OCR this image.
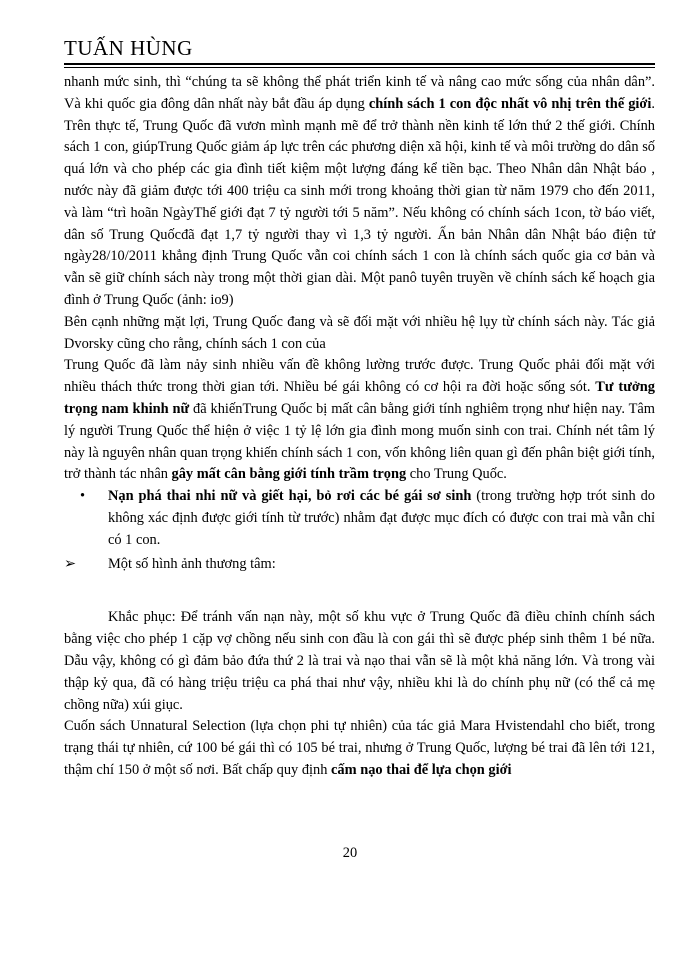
TUẤN HÙNG

nhanh mức sinh, thì “chúng ta sẽ không thể phát triển kinh tế và nâng cao mức sống của nhân dân”. Và khi quốc gia đông dân nhất này bắt đầu áp dụng chính sách 1 con độc nhất vô nhị trên thế giới. Trên thực tế, Trung Quốc đã vươn mình mạnh mẽ để trở thành nền kinh tế lớn thứ 2 thế giới. Chính sách 1 con, giúpTrung Quốc giảm áp lực trên các phương diện xã hội, kinh tế và môi trường do dân số quá lớn và cho phép các gia đình tiết kiệm một lượng đáng kể tiền bạc. Theo Nhân dân Nhật báo , nước này đã giảm được tới 400 triệu ca sinh mới trong khoảng thời gian từ năm 1979 cho đến 2011, và làm “trì hoãn NgàyThế giới đạt 7 tỷ người tới 5 năm”. Nếu không có chính sách 1con, tờ báo viết, dân số Trung Quốcđã đạt 1,7 tỷ người thay vì 1,3 tỷ người. Ấn bản Nhân dân Nhật báo điện tử ngày28/10/2011 khẳng định Trung Quốc vẫn coi chính sách 1 con là chính sách quốc gia cơ bản và vẫn sẽ giữ chính sách này trong một thời gian dài. Một panô tuyên truyền về chính sách kế hoạch gia đình ở Trung Quốc (ảnh: io9)

Bên cạnh những mặt lợi, Trung Quốc đang và sẽ đối mặt với nhiều hệ lụy từ chính sách này. Tác giả Dvorsky cũng cho rằng, chính sách 1 con của

Trung Quốc đã làm nảy sinh nhiều vấn đề không lường trước được. Trung Quốc phải đối mặt với nhiều thách thức trong thời gian tới. Nhiều bé gái không có cơ hội ra đời hoặc sống sót. Tư tưởng trọng nam khinh nữ đã khiếnTrung Quốc bị mất cân bằng giới tính nghiêm trọng như hiện nay. Tâm lý người Trung Quốc thể hiện ở việc 1 tỷ lệ lớn gia đình mong muốn sinh con trai. Chính nét tâm lý này là nguyên nhân quan trọng khiến chính sách 1 con, vốn không liên quan gì đến phân biệt giới tính, trở thành tác nhân gây mất cân bằng giới tính trầm trọng cho Trung Quốc.

•	Nạn phá thai nhi nữ và giết hại, bỏ rơi các bé gái sơ sinh (trong trường hợp trót sinh do không xác định được giới tính từ trước) nhằm đạt được mục đích có được con trai mà vẫn chỉ có 1 con.
➢	Một số hình ảnh thương tâm:

Khắc phục: Để tránh vấn nạn này, một số khu vực ở Trung Quốc đã điều chỉnh chính sách bằng việc cho phép 1 cặp vợ chồng nếu sinh con đầu là con gái thì sẽ được phép sinh thêm 1 bé nữa. Dẫu vậy, không có gì đảm bảo đứa thứ 2 là trai và nạo thai vẫn sẽ là một khả năng lớn. Và trong vài thập kỷ qua, đã có hàng triệu triệu ca phá thai như vậy, nhiều khi là do chính phụ nữ (có thể cả mẹ chồng nữa) xúi giục.

Cuốn sách Unnatural Selection (lựa chọn phi tự nhiên) của tác giả Mara Hvistendahl cho biết, trong trạng thái tự nhiên, cứ 100 bé gái thì có 105 bé trai, nhưng ở Trung Quốc, lượng bé trai đã lên tới 121, thậm chí 150 ở một số nơi. Bất chấp quy định cấm nạo thai để lựa chọn giới

20
